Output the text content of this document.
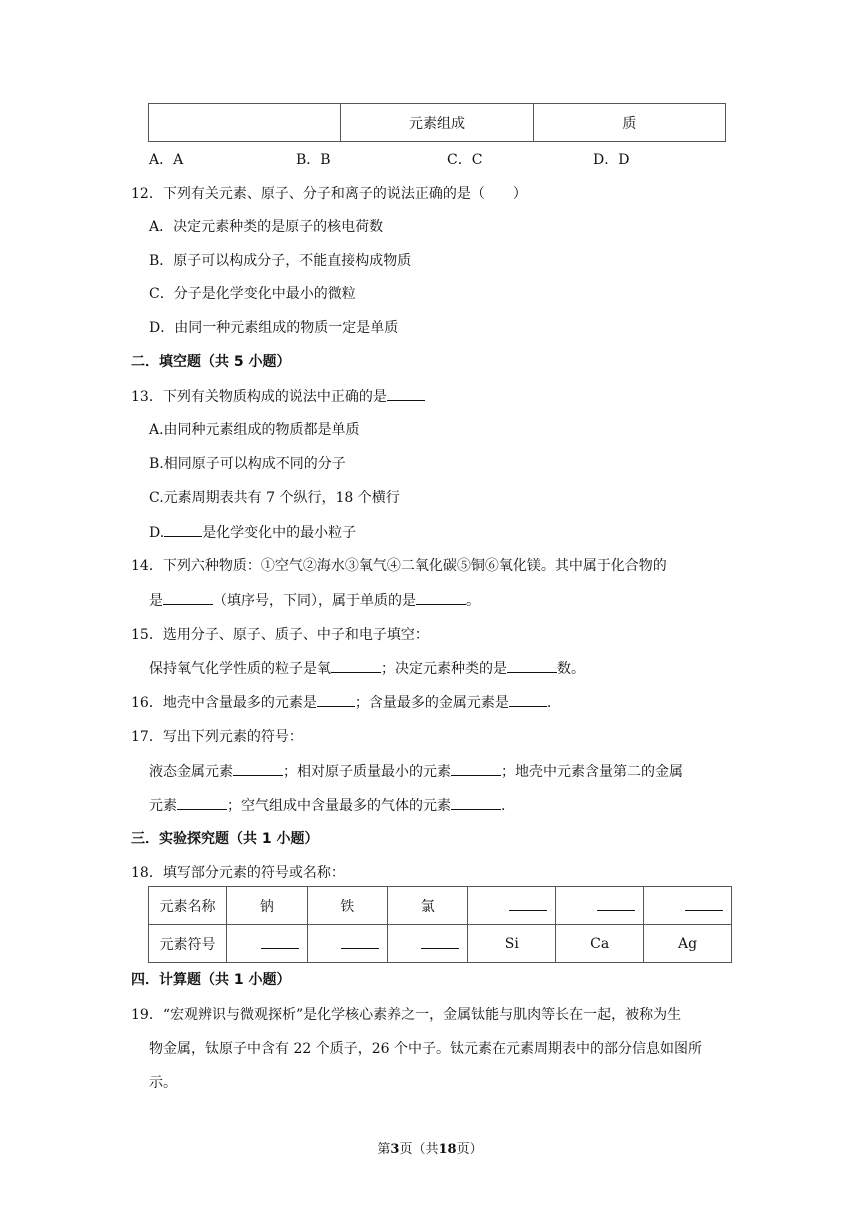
	元素组成	质
A．A	B．B	C．C	D．D
12．下列有关元素、原子、分子和离子的说法正确的是（　　）
A．决定元素种类的是原子的核电荷数
B．原子可以构成分子，不能直接构成物质
C．分子是化学变化中最小的微粒
D．由同一种元素组成的物质一定是单质
二．填空题（共 5 小题）
13．下列有关物质构成的说法中正确的是
A.由同种元素组成的物质都是单质
B.相同原子可以构成不同的分子
C.元素周期表共有 7 个纵行，18 个横行
D.	是化学变化中的最小粒子
14．下列六种物质：①空气②海水③氧气④二氧化碳⑤铜⑥氧化镁。其中属于化合物的
是	（填序号，下同），属于单质的是	。
15．选用分子、原子、质子、中子和电子填空：
保持氧气化学性质的粒子是氧	；决定元素种类的是	数。
16．地壳中含量最多的元素是	；含量最多的金属元素是	.
17．写出下列元素的符号：
液态金属元素	；相对原子质量最小的元素	；地壳中元素含量第二的金属
元素	；空气组成中含量最多的气体的元素	.
三．实验探究题（共 1 小题）
18．填写部分元素的符号或名称：
元素名称	钠	铁	氯			
元素符号				Si	Ca	Ag
四．计算题（共 1 小题）
19．“宏观辨识与微观探析”是化学核心素养之一，金属钛能与肌肉等长在一起，被称为生
物金属，钛原子中含有 22 个质子，26 个中子。钛元素在元素周期表中的部分信息如图所
示。
第3页（共18页）
